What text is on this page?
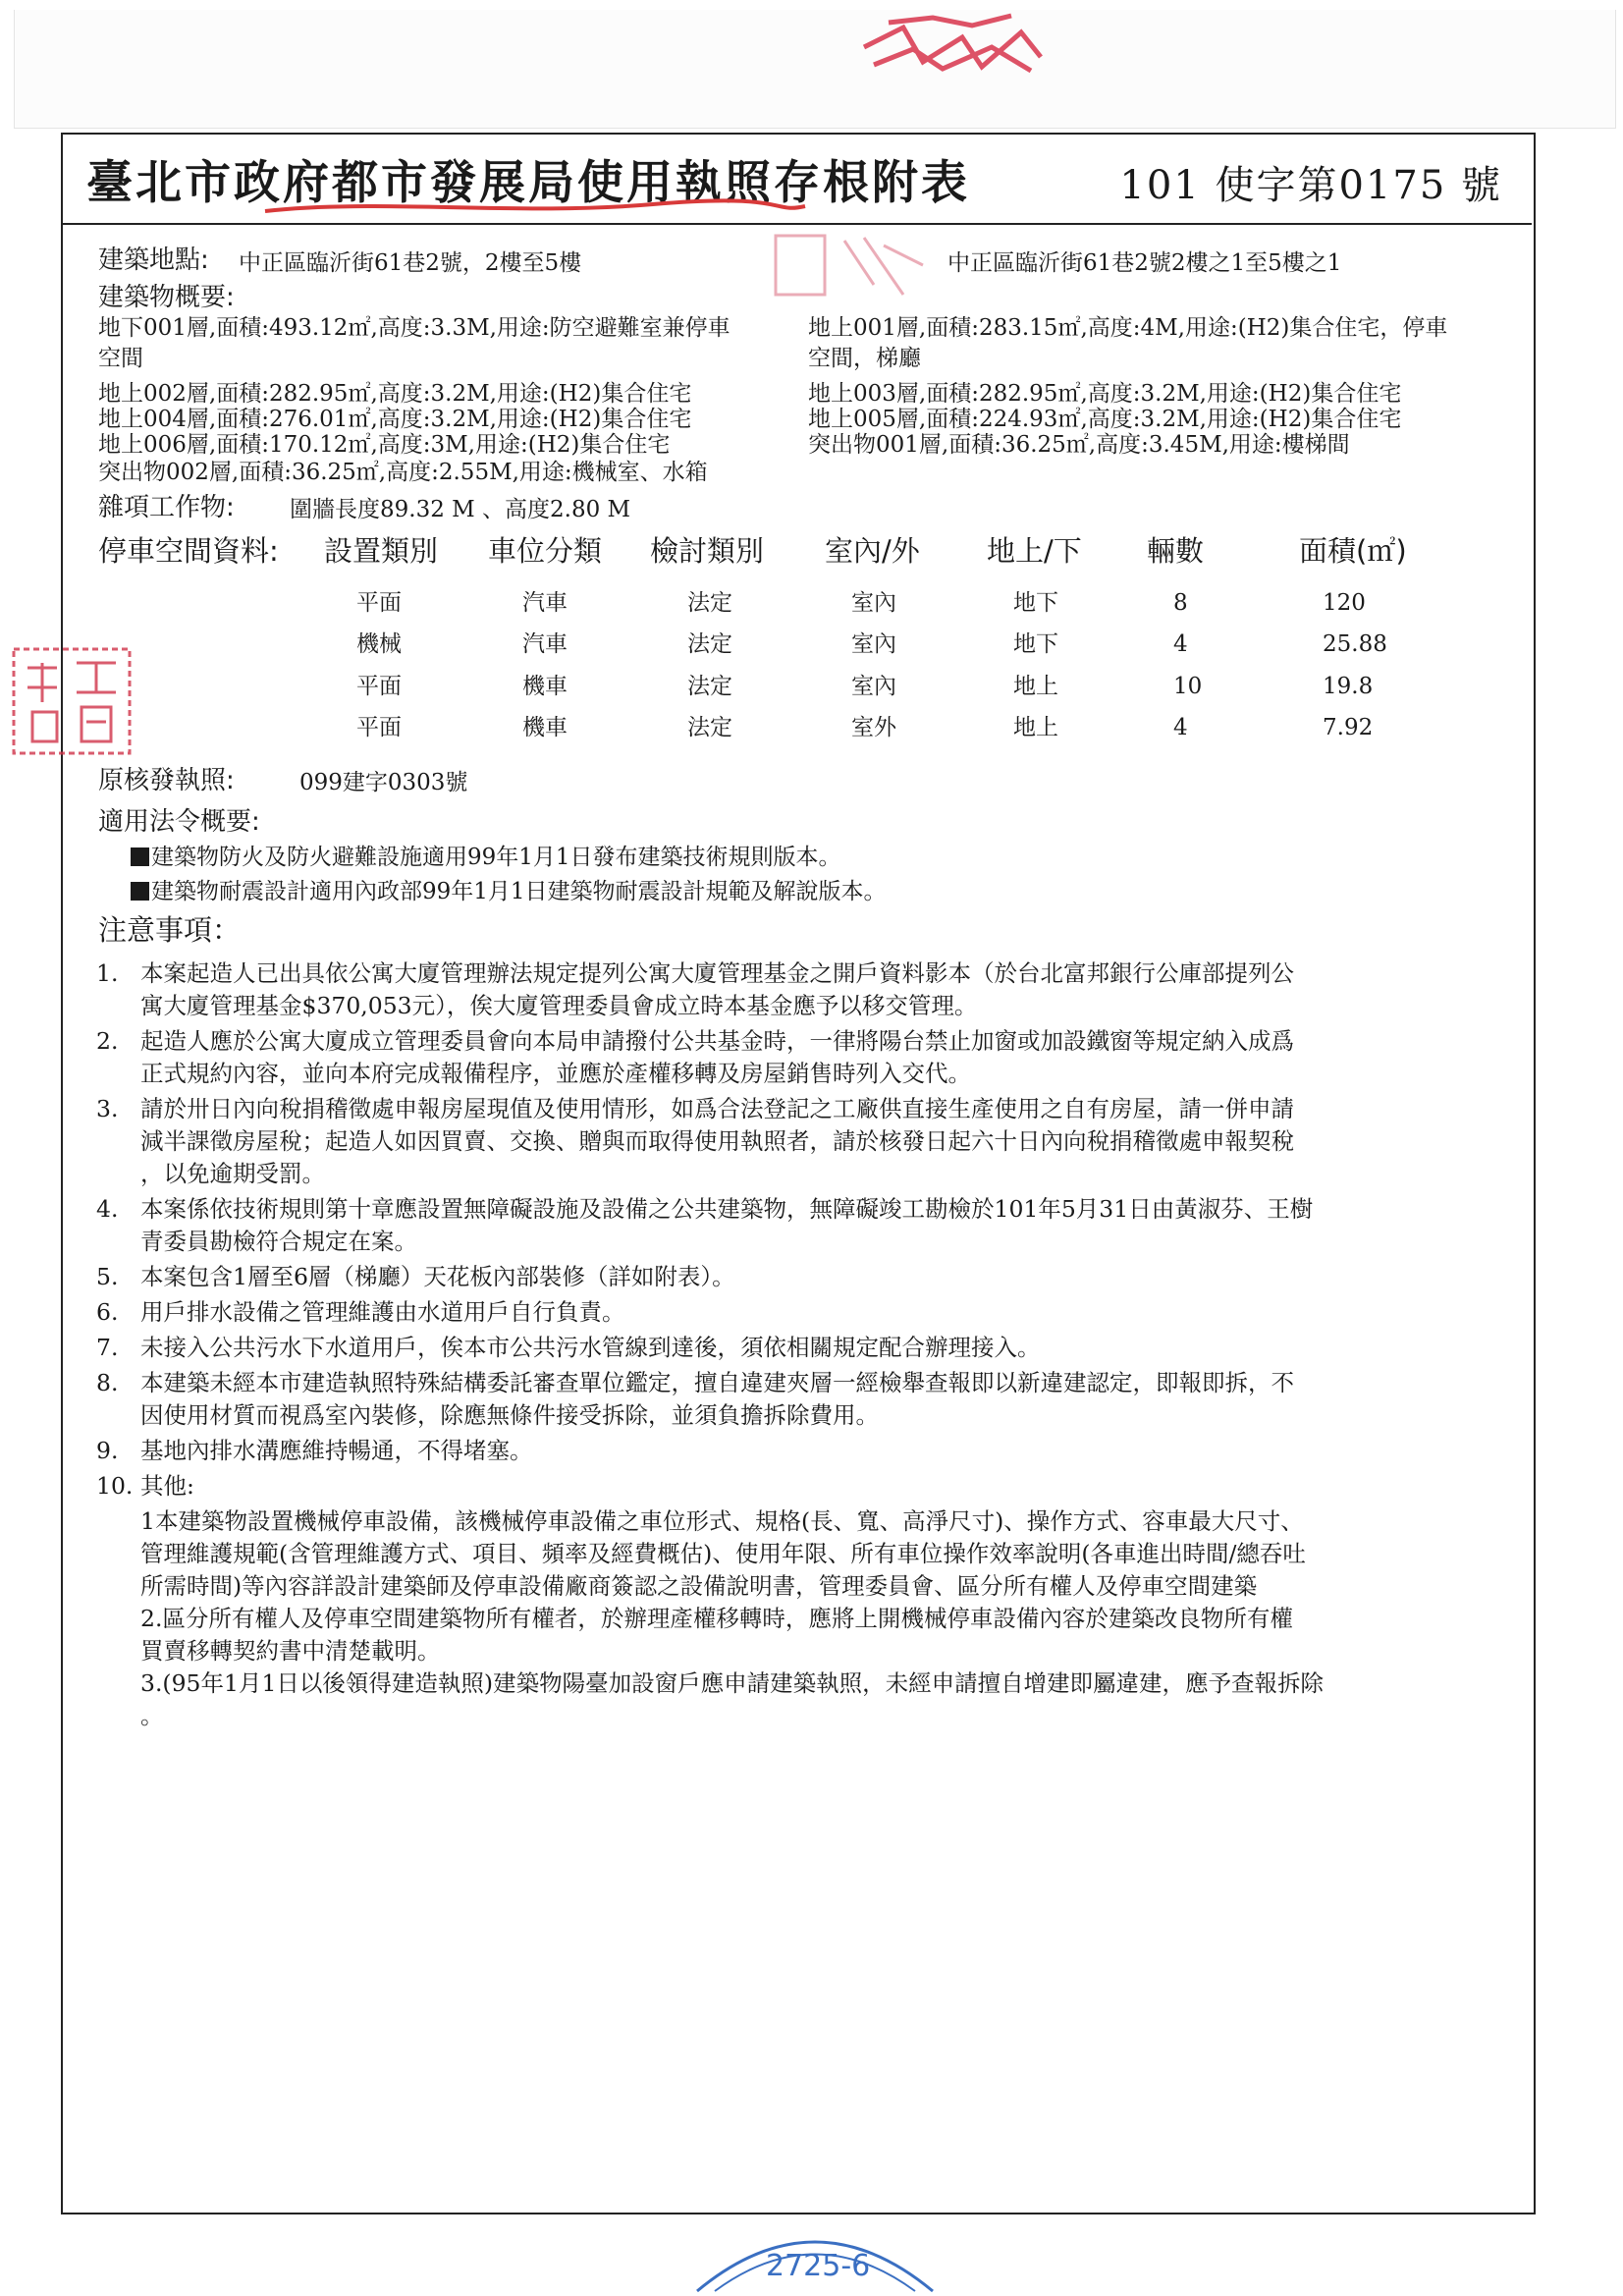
臺北市政府都市發展局使用執照存根附表	101 使字第0175 號
建築地點: 中正區臨沂街61巷2號，2樓至5樓	中正區臨沂街61巷2號2樓之1至5樓之1
建築物概要:
地下001層,面積:493.12㎡,高度:3.3M,用途:防空避難室兼停車
空間
地上002層,面積:282.95㎡,高度:3.2M,用途:(H2)集合住宅
地上004層,面積:276.01㎡,高度:3.2M,用途:(H2)集合住宅
地上006層,面積:170.12㎡,高度:3M,用途:(H2)集合住宅
突出物002層,面積:36.25㎡,高度:2.55M,用途:機械室、水箱
地上001層,面積:283.15㎡,高度:4M,用途:(H2)集合住宅，停車
空間，梯廳
地上003層,面積:282.95㎡,高度:3.2M,用途:(H2)集合住宅
地上005層,面積:224.93㎡,高度:3.2M,用途:(H2)集合住宅
突出物001層,面積:36.25㎡,高度:3.45M,用途:樓梯間
雜項工作物: 圍牆長度89.32 M 、高度2.80 M
停車空間資料: 設置類別 車位分類 檢討類別 室內/外 地上/下 輛數	面積(㎡)
平面	汽車	法定	室內	地下	8	120
機械	汽車	法定	室內	地下	4	25.88
平面	機車	法定	室內	地上	10	19.8
平面	機車	法定	室外	地上	4	7.92
原核發執照:	099建字0303號
適用法令概要:
建築物防火及防火避難設施適用99年1月1日發布建築技術規則版本。
建築物耐震設計適用內政部99年1月1日建築物耐震設計規範及解說版本。
注意事項：
1. 本案起造人已出具依公寓大廈管理辦法規定提列公寓大廈管理基金之開戶資料影本（於台北富邦銀行公庫部提列公
寓大廈管理基金$370,053元），俟大廈管理委員會成立時本基金應予以移交管理。
2. 起造人應於公寓大廈成立管理委員會向本局申請撥付公共基金時，一律將陽台禁止加窗或加設鐵窗等規定納入成爲
正式規約內容，並向本府完成報備程序，並應於產權移轉及房屋銷售時列入交代。
3. 請於卅日內向稅捐稽徵處申報房屋現值及使用情形，如爲合法登記之工廠供直接生產使用之自有房屋，請一併申請
減半課徵房屋稅；起造人如因買賣、交換、贈與而取得使用執照者，請於核發日起六十日內向稅捐稽徵處申報契稅
，以免逾期受罰。
4. 本案係依技術規則第十章應設置無障礙設施及設備之公共建築物，無障礙竣工勘檢於101年5月31日由黃淑芬、王樹
青委員勘檢符合規定在案。
5. 本案包含1層至6層（梯廳）天花板內部裝修（詳如附表）。
6. 用戶排水設備之管理維護由水道用戶自行負責。
7. 未接入公共污水下水道用戶，俟本市公共污水管線到達後，須依相關規定配合辦理接入。
8. 本建築未經本市建造執照特殊結構委託審查單位鑑定，擅自違建夾層一經檢舉查報即以新違建認定，即報即拆，不
因使用材質而視爲室內裝修，除應無條件接受拆除，並須負擔拆除費用。
9. 基地內排水溝應維持暢通，不得堵塞。
10. 其他:
1本建築物設置機械停車設備，該機械停車設備之車位形式、規格(長、寬、高淨尺寸)、操作方式、容車最大尺寸、
管理維護規範(含管理維護方式、項目、頻率及經費概估)、使用年限、所有車位操作效率說明(各車進出時間/總吞吐
所需時間)等內容詳設計建築師及停車設備廠商簽認之設備說明書，管理委員會、區分所有權人及停車空間建築
2.區分所有權人及停車空間建築物所有權者，於辦理產權移轉時，應將上開機械停車設備內容於建築改良物所有權
買賣移轉契約書中清楚載明。
3.(95年1月1日以後領得建造執照)建築物陽臺加設窗戶應申請建築執照，未經申請擅自增建即屬違建，應予查報拆除
。
2725-6
